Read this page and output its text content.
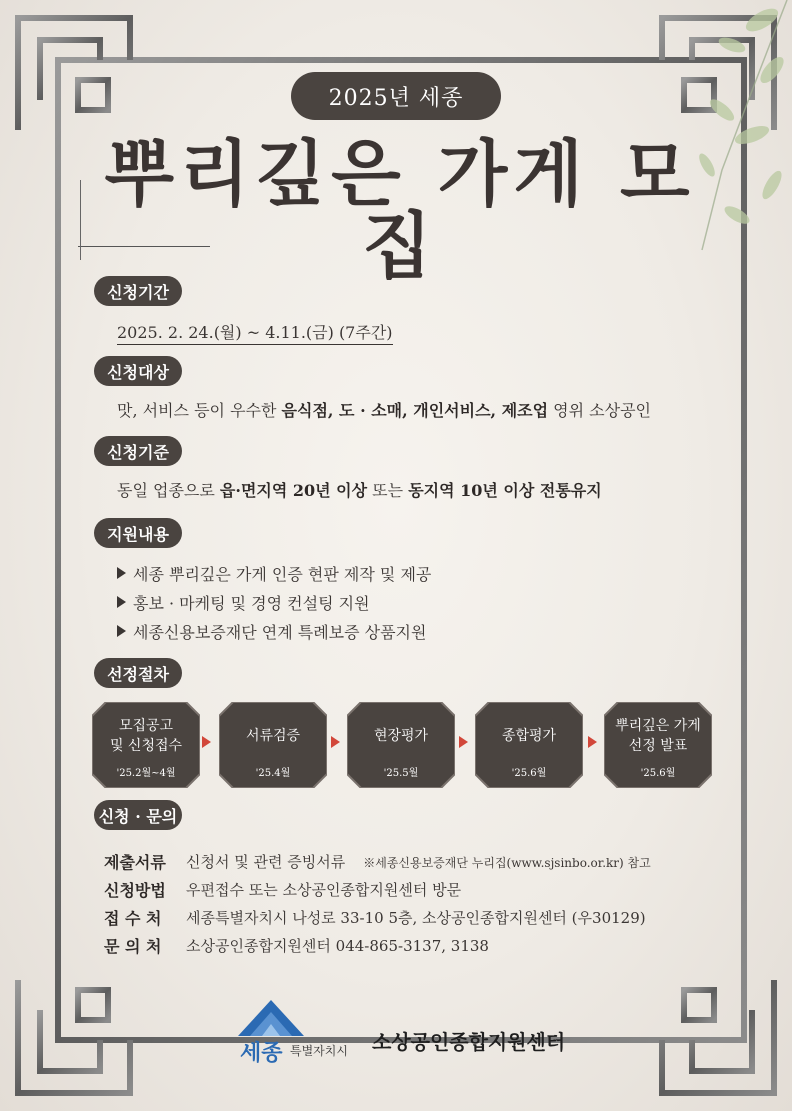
2025년 세종
뿌리깊은 가게 모집
신청기간
2025. 2. 24.(월) ~ 4.11.(금) (7주간)
신청대상
맛, 서비스 등이 우수한 음식점, 도 · 소매, 개인서비스, 제조업 영위 소상공인
신청기준
동일 업종으로 읍·면지역 20년 이상 또는 동지역 10년 이상 전통유지
지원내용
세종 뿌리깊은 가게 인증 현판 제작 및 제공
홍보 · 마케팅 및 경영 컨설팅 지원
세종신용보증재단 연계 특례보증 상품지원
선정절차
모집공고
및 신청접수
'25.2월~4월
서류검증
'25.4월
현장평가
'25.5월
종합평가
'25.6월
뿌리깊은 가게
선정 발표
'25.6월
신청 · 문의
제출서류 신청서 및 관련 증빙서류 ※세종신용보증재단 누리집(www.sjsinbo.or.kr) 참고
신청방법 우편접수 또는 소상공인종합지원센터 방문
접 수 처 세종특별자치시 나성로 33-10 5층, 소상공인종합지원센터 (우30129)
문 의 처 소상공인종합지원센터 044-865-3137, 3138
세종 특별자치시 소상공인종합지원센터
